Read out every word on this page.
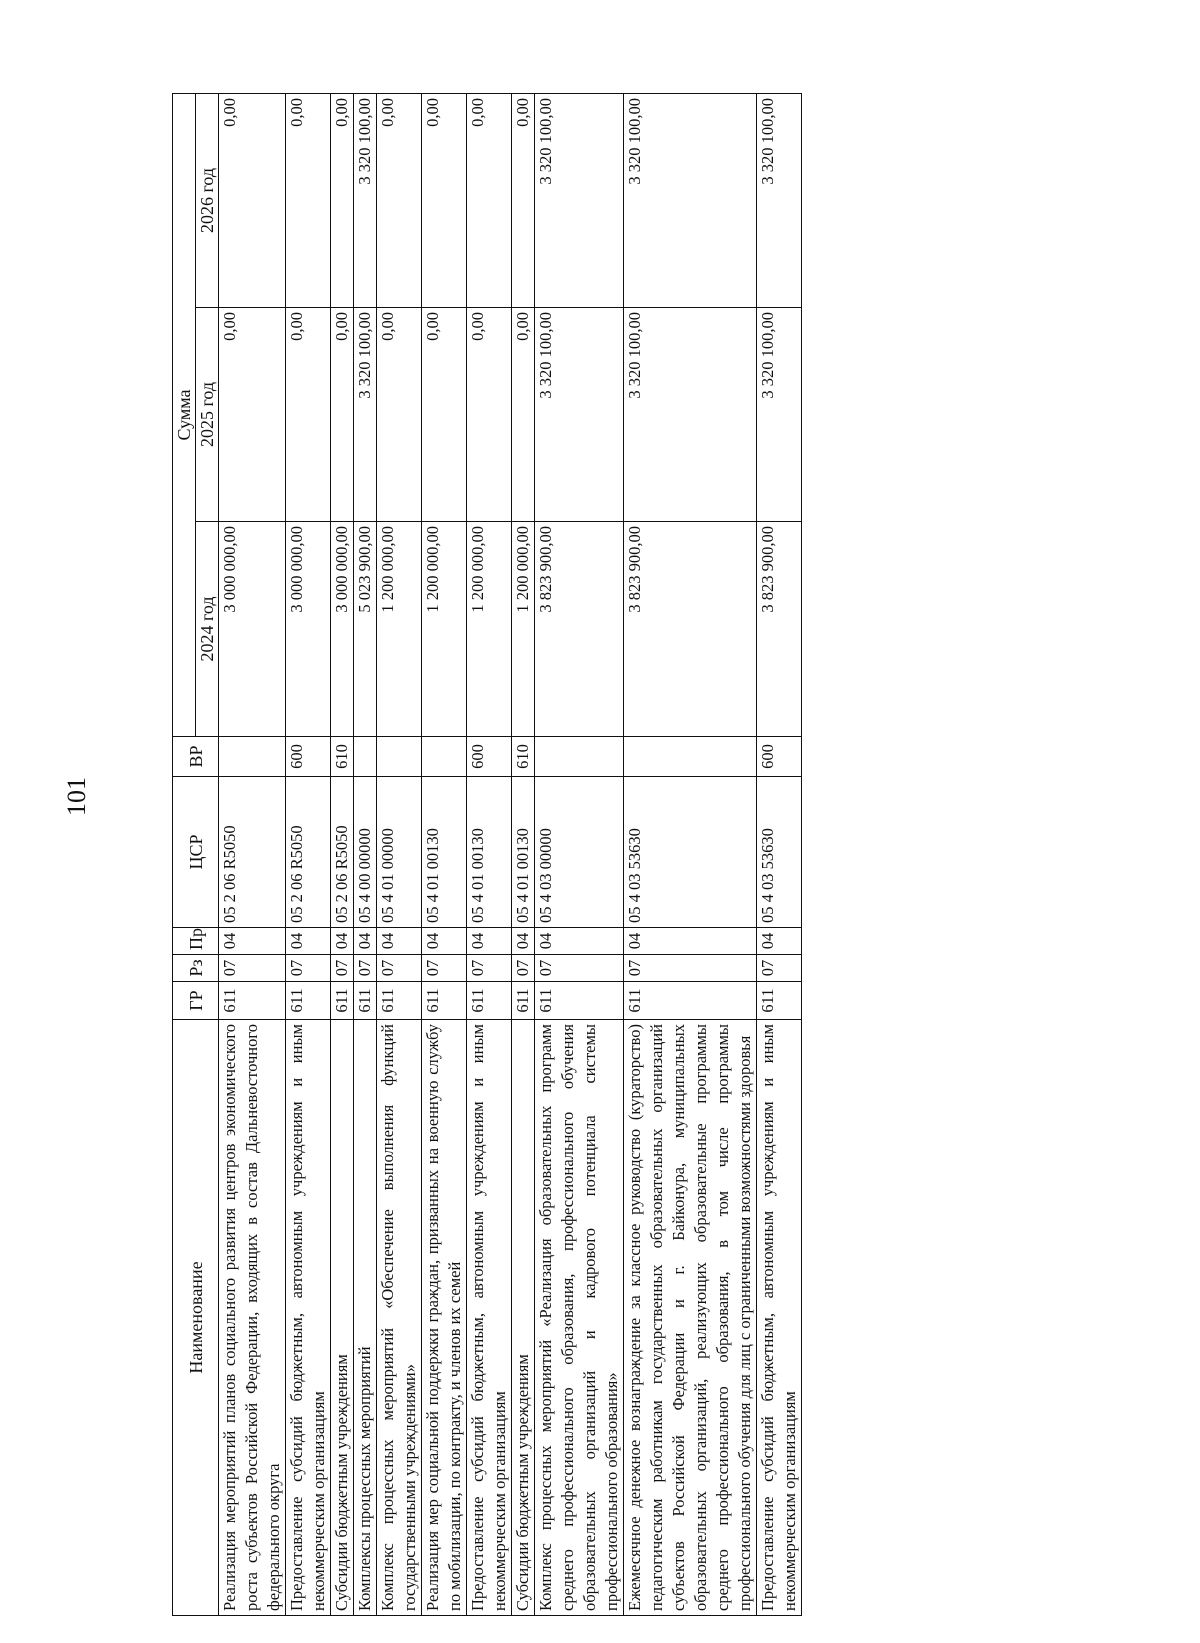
101
Наименование	ГР	Рз	Пр	ЦСР	ВР	Сумма		
						2024 год	2025 год	2026 год
Реализация мероприятий планов социального развития центров экономического роста субъектов Российской Федерации, входящих в состав Дальневосточного федерального округа	611	07	04	05 2 06 R5050		3 000 000,00	0,00	0,00
Предоставление субсидий бюджетным, автономным учреждениям и иным некоммерческим организациям	611	07	04	05 2 06 R5050	600	3 000 000,00	0,00	0,00
Субсидии бюджетным учреждениям	611	07	04	05 2 06 R5050	610	3 000 000,00	0,00	0,00
Комплексы процессных мероприятий	611	07	04	05 4 00 00000		5 023 900,00	3 320 100,00	3 320 100,00
Комплекс процессных мероприятий «Обеспечение выполнения функций государственными учреждениями»	611	07	04	05 4 01 00000		1 200 000,00	0,00	0,00
Реализация мер социальной поддержки граждан, призванных на военную службу по мобилизации, по контракту, и членов их семей	611	07	04	05 4 01 00130		1 200 000,00	0,00	0,00
Предоставление субсидий бюджетным, автономным учреждениям и иным некоммерческим организациям	611	07	04	05 4 01 00130	600	1 200 000,00	0,00	0,00
Субсидии бюджетным учреждениям	611	07	04	05 4 01 00130	610	1 200 000,00	0,00	0,00
Комплекс процессных мероприятий «Реализация образовательных программ среднего профессионального образования, профессионального обучения образовательных организаций и кадрового потенциала системы профессионального образования»	611	07	04	05 4 03 00000		3 823 900,00	3 320 100,00	3 320 100,00
Ежемесячное денежное вознаграждение за классное руководство (кураторство) педагогическим работникам государственных образовательных организаций субъектов Российской Федерации и г. Байконура, муниципальных образовательных организаций, реализующих образовательные программы среднего профессионального образования, в том числе программы профессионального обучения для лиц с ограниченными возможностями здоровья	611	07	04	05 4 03 53630		3 823 900,00	3 320 100,00	3 320 100,00
Предоставление субсидий бюджетным, автономным учреждениям и иным некоммерческим организациям	611	07	04	05 4 03 53630	600	3 823 900,00	3 320 100,00	3 320 100,00
